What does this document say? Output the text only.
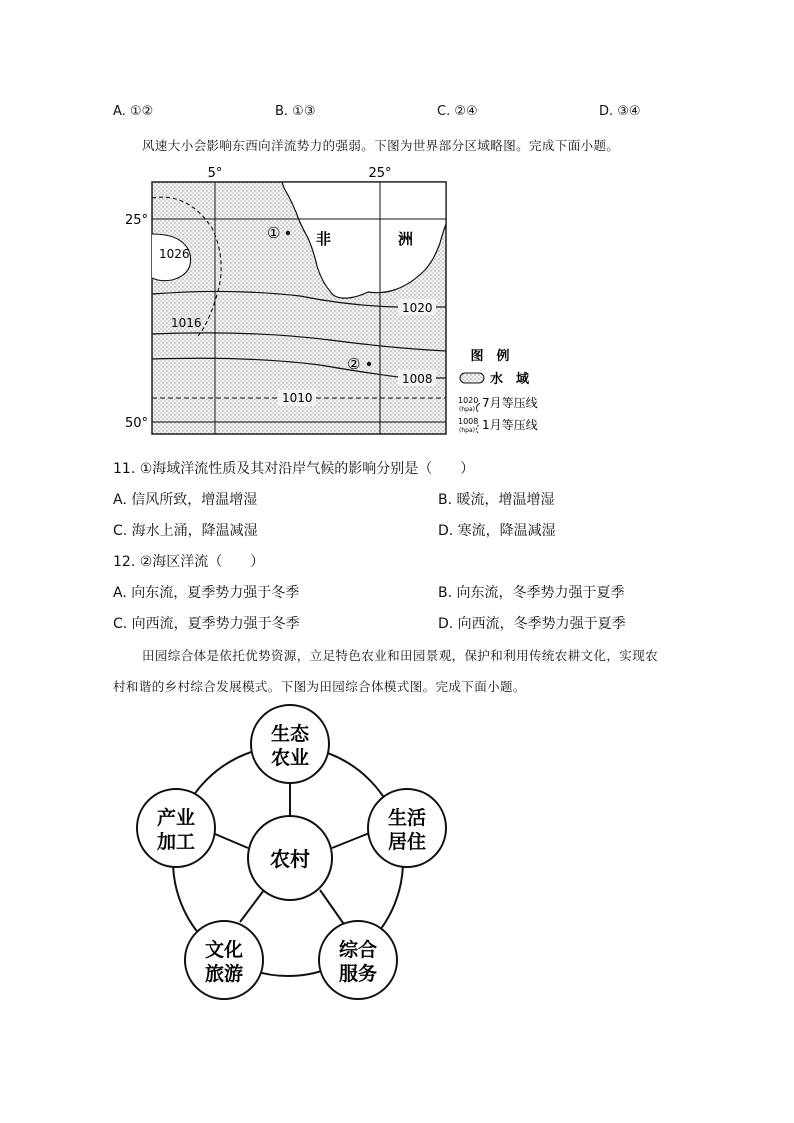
A. ①②	B. ①③	C. ②④	D. ③④
风速大小会影响东西向洋流势力的强弱。下图为世界部分区域略图。完成下面小题。
5°	25°
25°
50°
1026
1016
1020
1008
1010
非	洲
①
②	图　例
水　域
1020
(hpa) 7月等压线
1008
(hpa) 1月等压线
11. ①海域洋流性质及其对沿岸气候的影响分别是（　　）
A. 信风所致，增温增湿	B. 暖流，增温增湿
C. 海水上涌，降温减湿	D. 寒流，降温减湿
12. ②海区洋流（　　）
A. 向东流，夏季势力强于冬季	B. 向东流，冬季势力强于夏季
C. 向西流，夏季势力强于冬季	D. 向西流，冬季势力强于夏季
田园综合体是依托优势资源，立足特色农业和田园景观，保护和利用传统农耕文化，实现农
村和谐的乡村综合发展模式。下图为田园综合体模式图。完成下面小题。
农村
生态
农业
生活
居住
综合
服务
文化
旅游
产业
加工
